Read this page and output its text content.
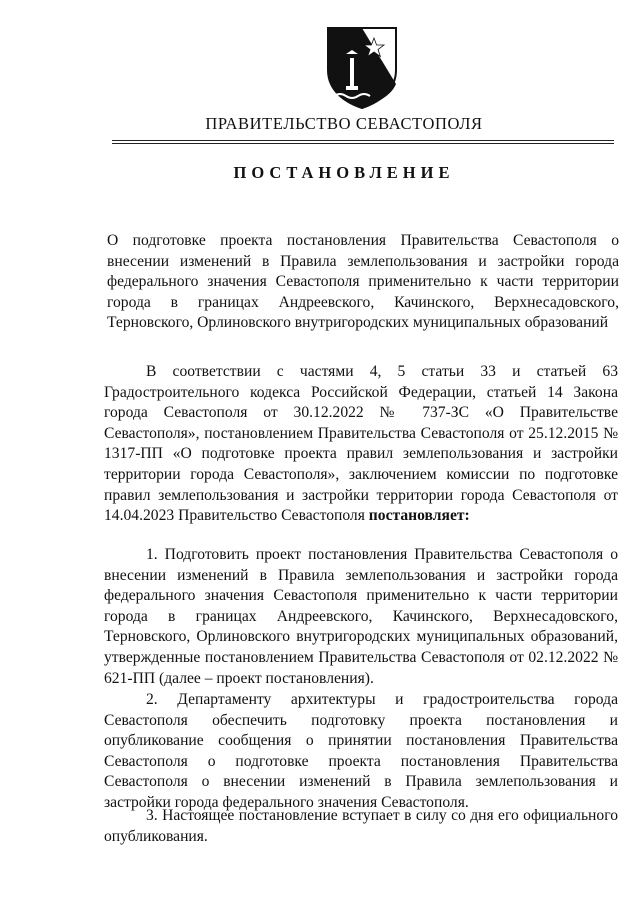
ПРАВИТЕЛЬСТВО СЕВАСТОПОЛЯ
ПОСТАНОВЛЕНИЕ
О подготовке проекта постановления Правительства Севастополя о внесении изменений в Правила землепользования и застройки города федерального значения Севастополя применительно к части территории города в границах Андреевского, Качинского, Верхнесадовского, Терновского, Орлиновского внутригородских муниципальных образований

В соответствии с частями 4, 5 статьи 33 и статьей 63 Градостроительного кодекса Российской Федерации, статьей 14 Закона города Севастополя от 30.12.2022 № 737-ЗС «О Правительстве Севастополя», постановлением Правительства Севастополя от 25.12.2015 № 1317-ПП «О подготовке проекта правил землепользования и застройки территории города Севастополя», заключением комиссии по подготовке правил землепользования и застройки территории города Севастополя от 14.04.2023 Правительство Севастополя постановляет:

1. Подготовить проект постановления Правительства Севастополя о внесении изменений в Правила землепользования и застройки города федерального значения Севастополя применительно к части территории города в границах Андреевского, Качинского, Верхнесадовского, Терновского, Орлиновского внутригородских муниципальных образований, утвержденные постановлением Правительства Севастополя от 02.12.2022 № 621-ПП (далее – проект постановления).

2. Департаменту архитектуры и градостроительства города Севастополя обеспечить подготовку проекта постановления и опубликование сообщения о принятии постановления Правительства Севастополя о подготовке проекта постановления Правительства Севастополя о внесении изменений в Правила землепользования и застройки города федерального значения Севастополя.

3. Настоящее постановление вступает в силу со дня его официального опубликования.
